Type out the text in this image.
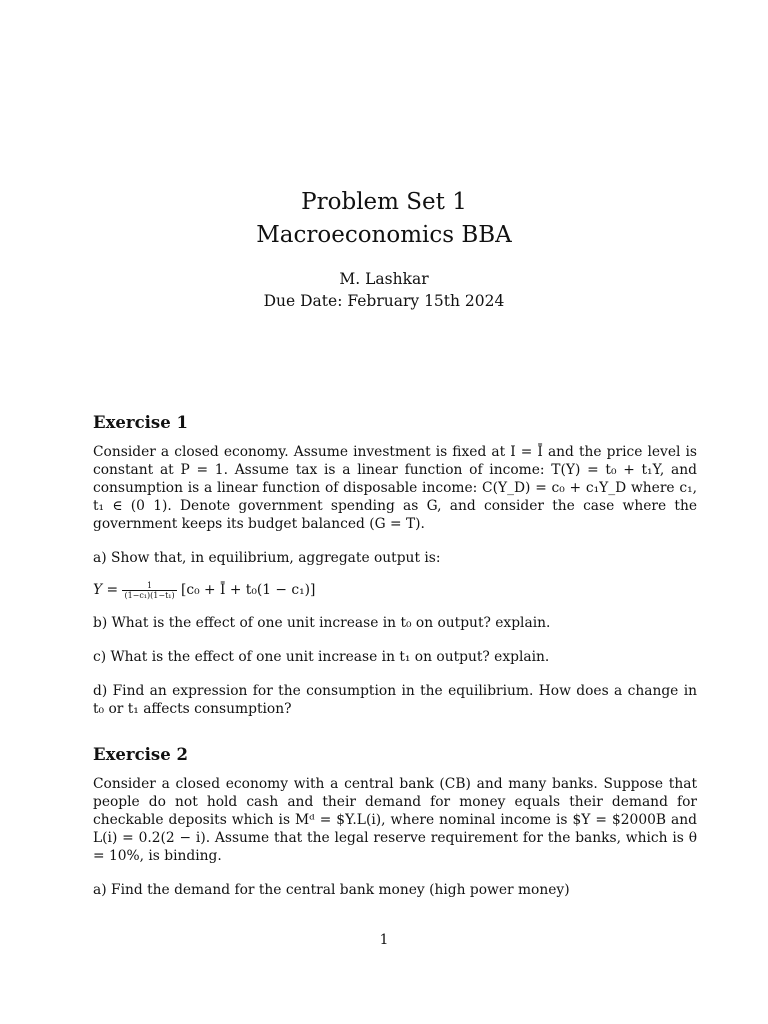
Problem Set 1
Macroeconomics BBA
M. Lashkar
Due Date: February 15th 2024

Exercise 1

Consider a closed economy. Assume investment is fixed at I = Ī and the price level is constant at P = 1. Assume tax is a linear function of income: T(Y) = t₀ + t₁Y, and consumption is a linear function of disposable income: C(Y_D) = c₀ + c₁Y_D where c₁, t₁ ∈ (0 1). Denote government spending as G, and consider the case where the government keeps its budget balanced (G = T).

a) Show that, in equilibrium, aggregate output is:

$Y = \frac{1}{\text{(1−c₁)(1−t₁)}} [c_0$ + Ī + t₀(1 − c₁)]

b) What is the effect of one unit increase in t₀ on output? explain.

c) What is the effect of one unit increase in t₁ on output? explain.

d) Find an expression for the consumption in the equilibrium. How does a change in t₀ or t₁ affects consumption?

Exercise 2

Consider a closed economy with a central bank (CB) and many banks. Suppose that people do not hold cash and their demand for money equals their demand for checkable deposits which is Mᵈ = $Y.L(i), where nominal income is $Y = $2000B and L(i) = 0.2(2 − i). Assume that the legal reserve requirement for the banks, which is θ = 10%, is binding.

a) Find the demand for the central bank money (high power money)

1
